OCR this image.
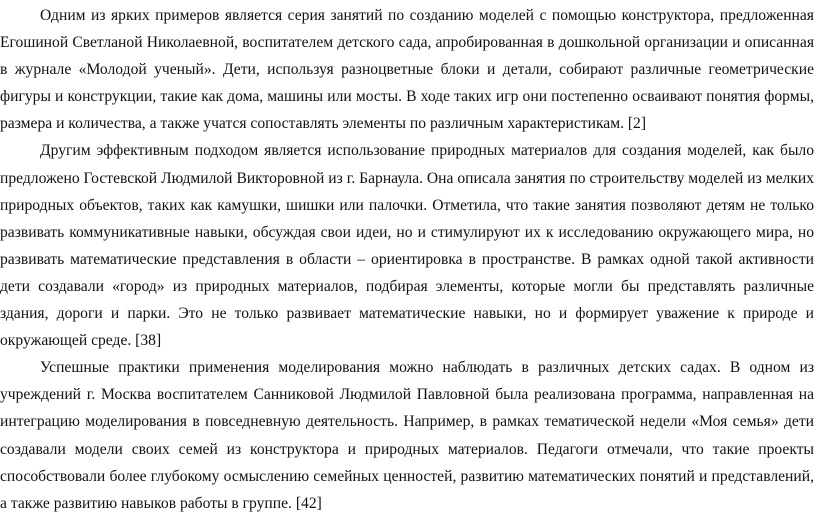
Одним из ярких примеров является серия занятий по созданию моделей с помощью конструктора, предложенная Егошиной Светланой Николаевной, воспитателем детского сада, апробированная в дошкольной организации и описанная в журнале «Молодой ученый». Дети, используя разноцветные блоки и детали, собирают различные геометрические фигуры и конструкции, такие как дома, машины или мосты. В ходе таких игр они постепенно осваивают понятия формы, размера и количества, а также учатся сопоставлять элементы по различным характеристикам. [2]

Другим эффективным подходом является использование природных материалов для создания моделей, как было предложено Гостевской Людмилой Викторовной из г. Барнаула. Она описала занятия по строительству моделей из мелких природных объектов, таких как камушки, шишки или палочки. Отметила, что такие занятия позволяют детям не только развивать коммуникативные навыки, обсуждая свои идеи, но и стимулируют их к исследованию окружающего мира, но развивать математические представления в области – ориентировка в пространстве. В рамках одной такой активности дети создавали «город» из природных материалов, подбирая элементы, которые могли бы представлять различные здания, дороги и парки. Это не только развивает математические навыки, но и формирует уважение к природе и окружающей среде. [38]

Успешные практики применения моделирования можно наблюдать в различных детских садах. В одном из учреждений г. Москва воспитателем Санниковой Людмилой Павловной была реализована программа, направленная на интеграцию моделирования в повседневную деятельность. Например, в рамках тематической недели «Моя семья» дети создавали модели своих семей из конструктора и природных материалов. Педагоги отмечали, что такие проекты способствовали более глубокому осмыслению семейных ценностей, развитию математических понятий и представлений, а также развитию навыков работы в группе. [42]
